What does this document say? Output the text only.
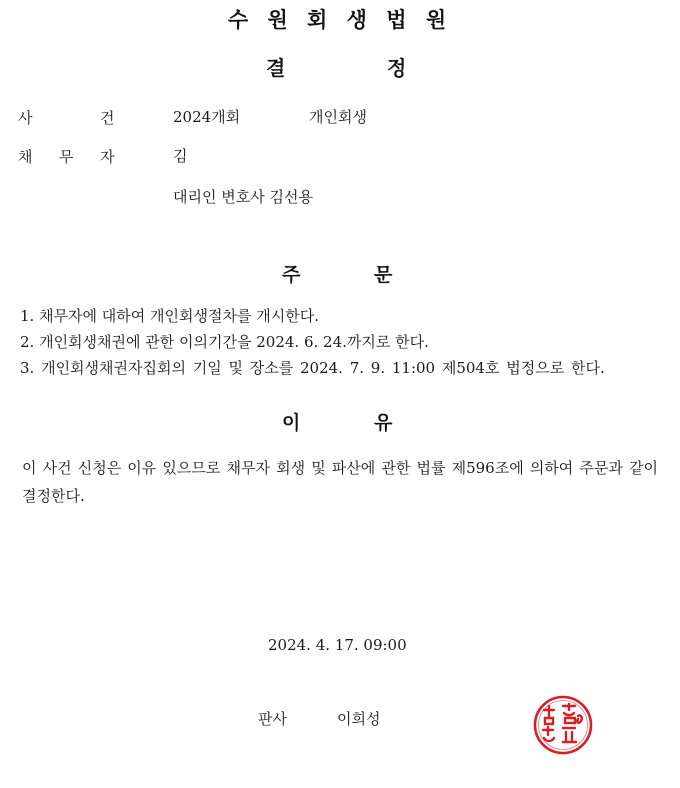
수 원 회 생 법 원
결	정
사	건	2024개회	개인회생
채 무 자	김
대리인 변호사 김선용
주	문
1. 채무자에 대하여 개인회생절차를 개시한다.
2. 개인회생채권에 관한 이의기간을 2024. 6. 24.까지로 한다.
3. 개인회생채권자집회의 기일 및 장소를 2024. 7. 9. 11:00 제504호 법정으로 한다.
이	유
이 사건 신청은 이유 있으므로 채무자 회생 및 파산에 관한 법률 제596조에 의하여 주문과 같이 결정한다.
2024. 4. 17. 09:00
판사	이희성
